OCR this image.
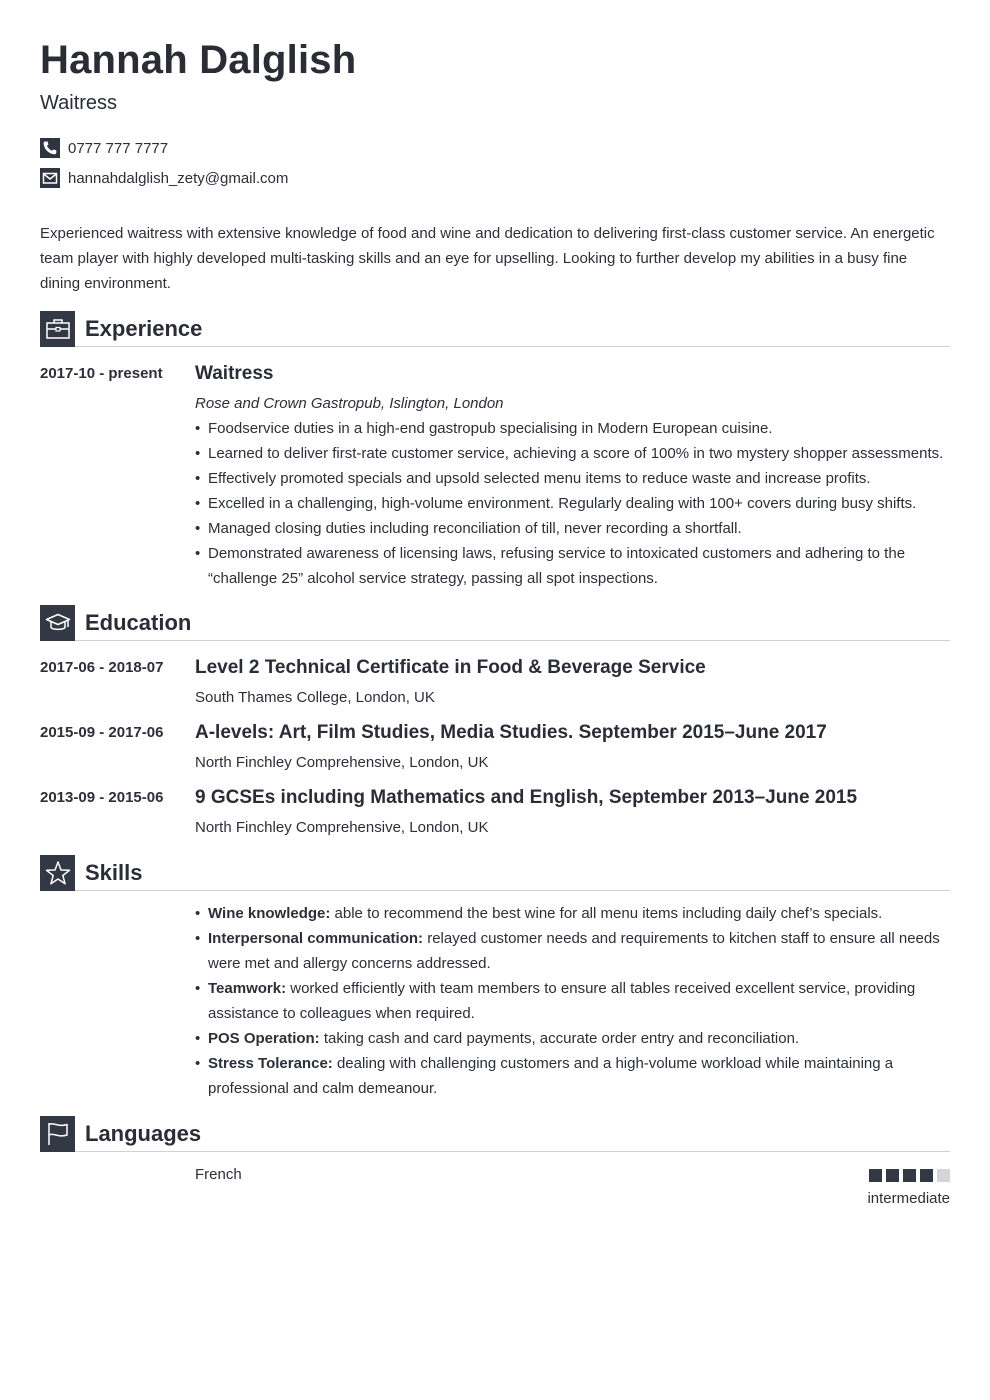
Hannah Dalglish
Waitress
0777 777 7777
hannahdalglish_zety@gmail.com
Experienced waitress with extensive knowledge of food and wine and dedication to delivering first-class customer service. An energetic team player with highly developed multi-tasking skills and an eye for upselling. Looking to further develop my abilities in a busy fine dining environment.
Experience
2017-10 - present Waitress
Rose and Crown Gastropub, Islington, London
• Foodservice duties in a high-end gastropub specialising in Modern European cuisine.
• Learned to deliver first-rate customer service, achieving a score of 100% in two mystery shopper assessments.
• Effectively promoted specials and upsold selected menu items to reduce waste and increase profits.
• Excelled in a challenging, high-volume environment. Regularly dealing with 100+ covers during busy shifts.
• Managed closing duties including reconciliation of till, never recording a shortfall.
• Demonstrated awareness of licensing laws, refusing service to intoxicated customers and adhering to the “challenge 25” alcohol service strategy, passing all spot inspections.
Education
2017-06 - 2018-07 Level 2 Technical Certificate in Food & Beverage Service
South Thames College, London, UK
2015-09 - 2017-06 A-levels: Art, Film Studies, Media Studies. September 2015–June 2017
North Finchley Comprehensive, London, UK
2013-09 - 2015-06 9 GCSEs including Mathematics and English, September 2013–June 2015
North Finchley Comprehensive, London, UK
Skills
• Wine knowledge: able to recommend the best wine for all menu items including daily chef’s specials.
• Interpersonal communication: relayed customer needs and requirements to kitchen staff to ensure all needs were met and allergy concerns addressed.
• Teamwork: worked efficiently with team members to ensure all tables received excellent service, providing assistance to colleagues when required.
• POS Operation: taking cash and card payments, accurate order entry and reconciliation.
• Stress Tolerance: dealing with challenging customers and a high-volume workload while maintaining a professional and calm demeanour.
Languages
French
intermediate
